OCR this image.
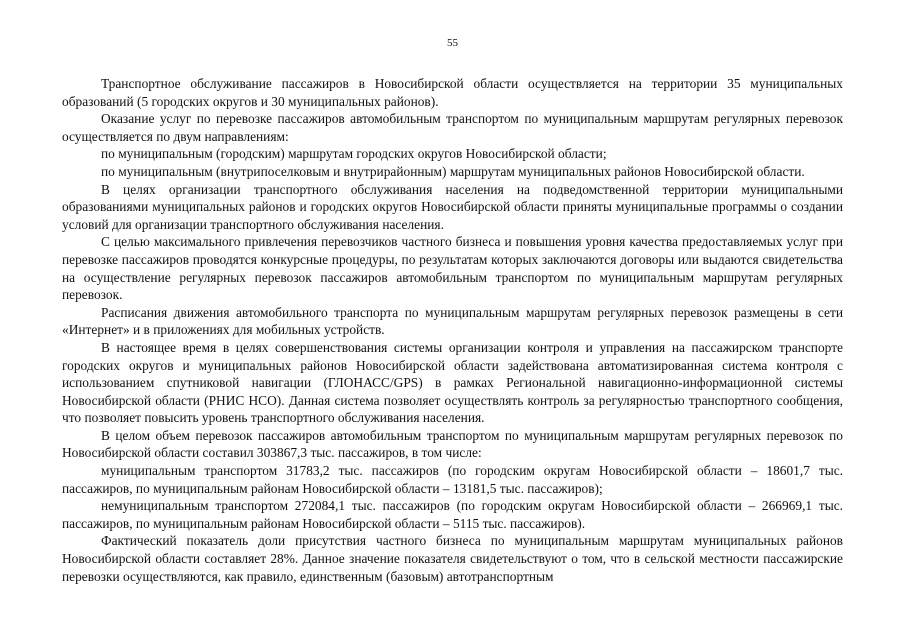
55

Транспортное обслуживание пассажиров в Новосибирской области осуществляется на территории 35 муниципальных образований (5 городских округов и 30 муниципальных районов).

Оказание услуг по перевозке пассажиров автомобильным транспортом по муниципальным маршрутам регулярных перевозок осуществляется по двум направлениям:

по муниципальным (городским) маршрутам городских округов Новосибирской области;

по муниципальным (внутрипоселковым и внутрирайонным) маршрутам муниципальных районов Новосибирской области.

В целях организации транспортного обслуживания населения на подведомственной территории муниципальными образованиями муниципальных районов и городских округов Новосибирской области приняты муниципальные программы о создании условий для организации транспортного обслуживания населения.

С целью максимального привлечения перевозчиков частного бизнеса и повышения уровня качества предоставляемых услуг при перевозке пассажиров проводятся конкурсные процедуры, по результатам которых заключаются договоры или выдаются свидетельства на осуществление регулярных перевозок пассажиров автомобильным транспортом по муниципальным маршрутам регулярных перевозок.

Расписания движения автомобильного транспорта по муниципальным маршрутам регулярных перевозок размещены в сети «Интернет» и в приложениях для мобильных устройств.

В настоящее время в целях совершенствования системы организации контроля и управления на пассажирском транспорте городских округов и муниципальных районов Новосибирской области задействована автоматизированная система контроля с использованием спутниковой навигации (ГЛОНАСС/GPS) в рамках Региональной навигационно-информационной системы Новосибирской области (РНИС НСО). Данная система позволяет осуществлять контроль за регулярностью транспортного сообщения, что позволяет повысить уровень транспортного обслуживания населения.

В целом объем перевозок пассажиров автомобильным транспортом по муниципальным маршрутам регулярных перевозок по Новосибирской области составил 303867,3 тыс. пассажиров, в том числе:

муниципальным транспортом 31783,2 тыс. пассажиров (по городским округам Новосибирской области – 18601,7 тыс. пассажиров, по муниципальным районам Новосибирской области – 13181,5 тыс. пассажиров);

немуниципальным транспортом 272084,1 тыс. пассажиров (по городским округам Новосибирской области – 266969,1 тыс. пассажиров, по муниципальным районам Новосибирской области – 5115 тыс. пассажиров).

Фактический показатель доли присутствия частного бизнеса по муниципальным маршрутам муниципальных районов Новосибирской области составляет 28%. Данное значение показателя свидетельствуют о том, что в сельской местности пассажирские перевозки осуществляются, как правило, единственным (базовым) автотранспортным
